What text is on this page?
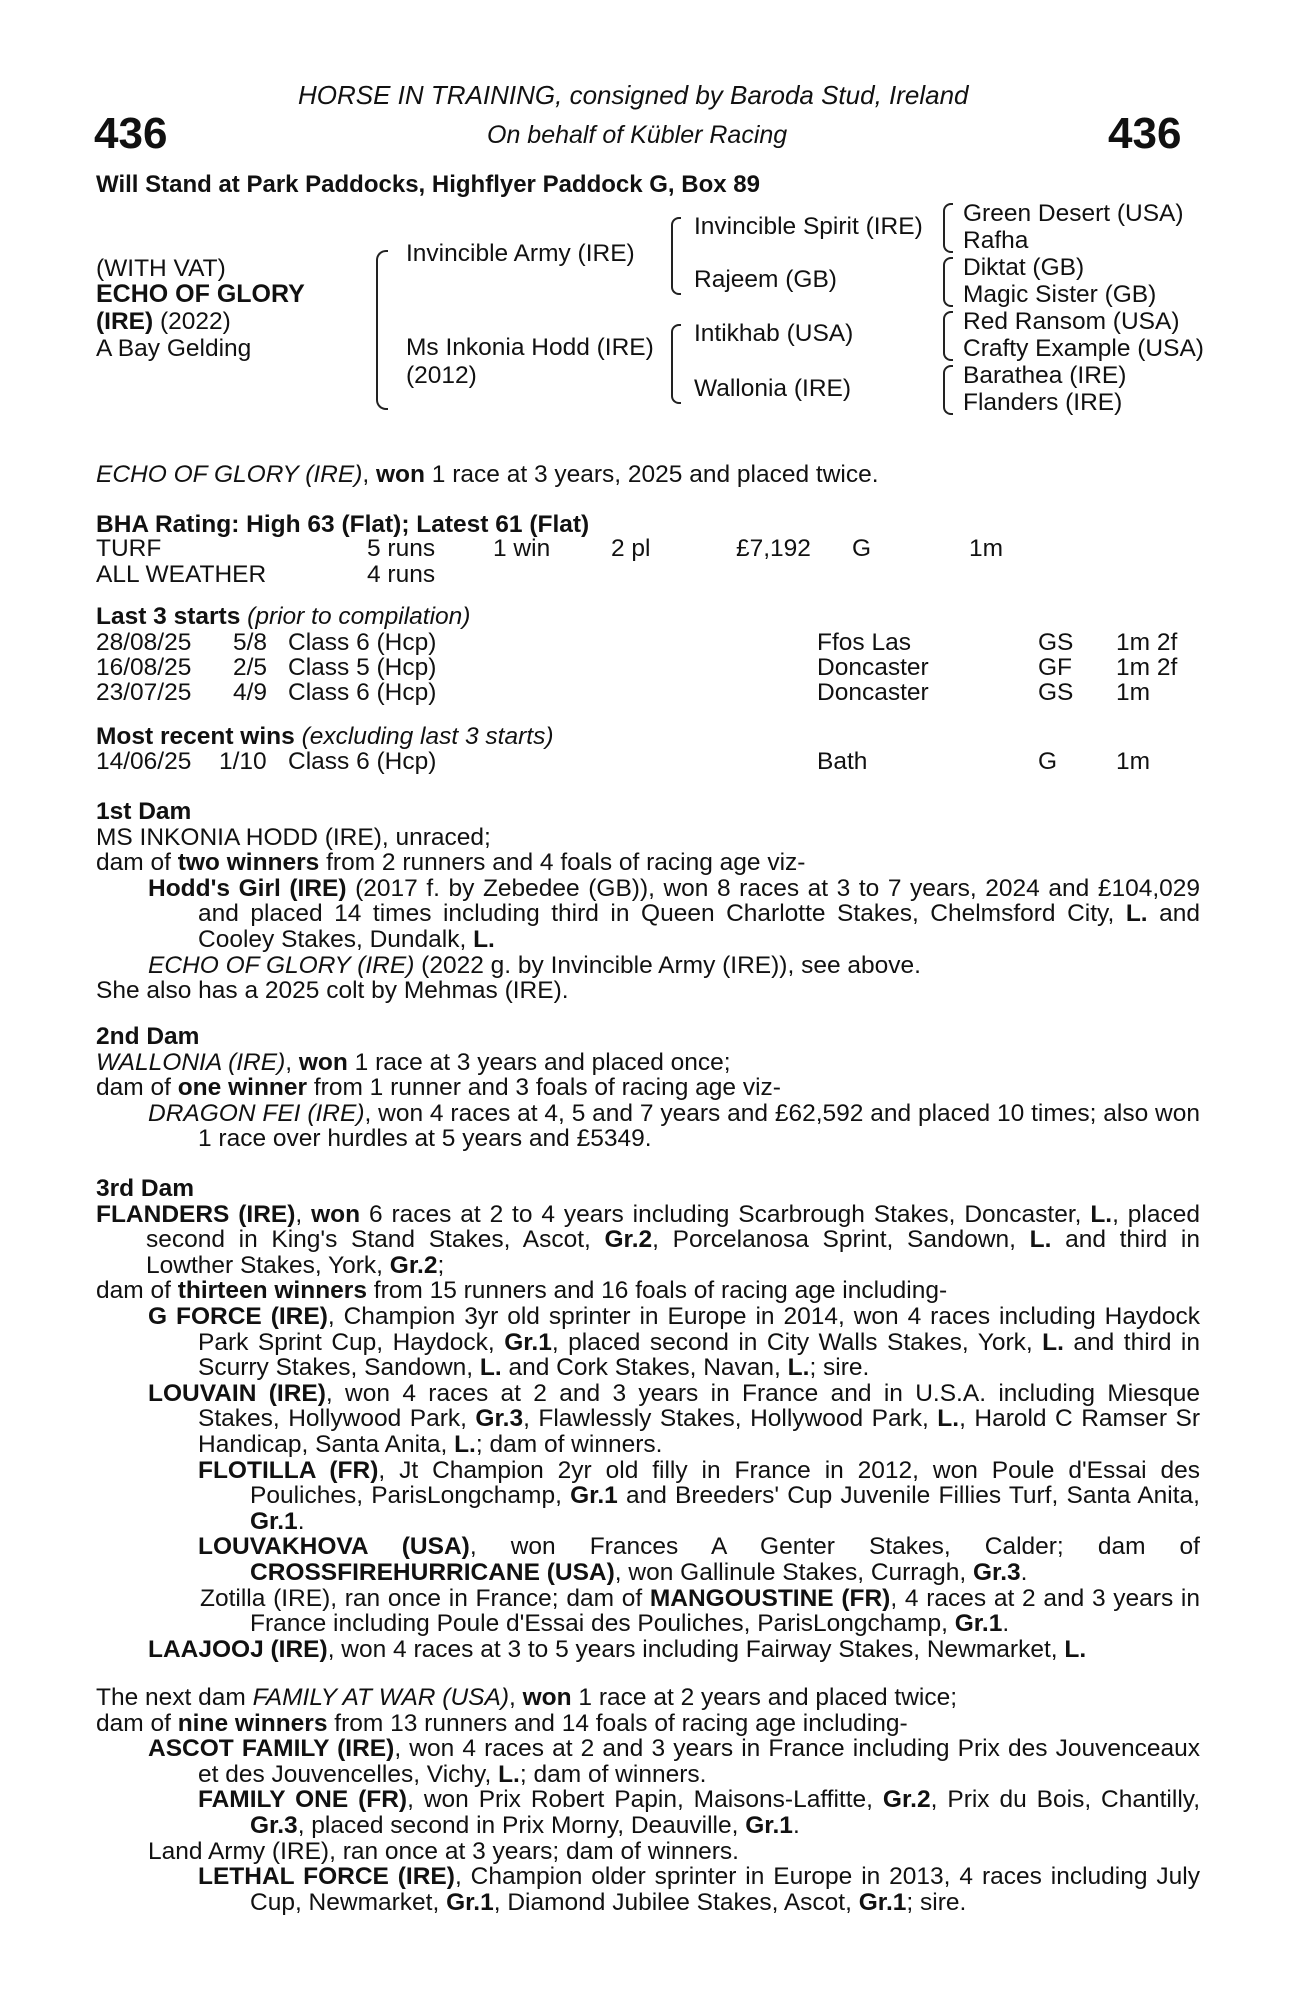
HORSE IN TRAINING, consigned by Baroda Stud, Ireland
On behalf of Kübler Racing
436	436
Will Stand at Park Paddocks, Highflyer Paddock G, Box 89
(WITH VAT)
ECHO OF GLORY
(IRE) (2022)
A Bay Gelding
Invincible Army (IRE)
Ms Inkonia Hodd (IRE)
(2012)
Invincible Spirit (IRE)
Rajeem (GB)
Intikhab (USA)
Wallonia (IRE)
Green Desert (USA)
Rafha
Diktat (GB)
Magic Sister (GB)
Red Ransom (USA)
Crafty Example (USA)
Barathea (IRE)
Flanders (IRE)
ECHO OF GLORY (IRE), won 1 race at 3 years, 2025 and placed twice.
BHA Rating: High 63 (Flat); Latest 61 (Flat)
TURF	5 runs 1 win 2 pl	£7,192 G	1m
ALL WEATHER	4 runs
Last 3 starts (prior to compilation)
28/08/25 5/8 Class 6 (Hcp)	Ffos Las	GS 1m 2f
16/08/25 2/5 Class 5 (Hcp)	Doncaster	GF 1m 2f
23/07/25 4/9 Class 6 (Hcp)	Doncaster	GS 1m
Most recent wins (excluding last 3 starts)
14/06/25 1/10 Class 6 (Hcp)	Bath	G 1m

1st Dam

MS INKONIA HODD (IRE), unraced;

dam of two winners from 2 runners and 4 foals of racing age viz-

Hodd's Girl (IRE) (2017 f. by Zebedee (GB)), won 8 races at 3 to 7 years, 2024 and £104,029 and placed 14 times including third in Queen Charlotte Stakes, Chelmsford City, L. and Cooley Stakes, Dundalk, L.

ECHO OF GLORY (IRE) (2022 g. by Invincible Army (IRE)), see above.

She also has a 2025 colt by Mehmas (IRE).

2nd Dam

WALLONIA (IRE), won 1 race at 3 years and placed once;

dam of one winner from 1 runner and 3 foals of racing age viz-

DRAGON FEI (IRE), won 4 races at 4, 5 and 7 years and £62,592 and placed 10 times; also won 1 race over hurdles at 5 years and £5349.

3rd Dam

FLANDERS (IRE), won 6 races at 2 to 4 years including Scarbrough Stakes, Doncaster, L., placed second in King's Stand Stakes, Ascot, Gr.2, Porcelanosa Sprint, Sandown, L. and third in Lowther Stakes, York, Gr.2;

dam of thirteen winners from 15 runners and 16 foals of racing age including-

G FORCE (IRE), Champion 3yr old sprinter in Europe in 2014, won 4 races including Haydock Park Sprint Cup, Haydock, Gr.1, placed second in City Walls Stakes, York, L. and third in Scurry Stakes, Sandown, L. and Cork Stakes, Navan, L.; sire.

LOUVAIN (IRE), won 4 races at 2 and 3 years in France and in U.S.A. including Miesque Stakes, Hollywood Park, Gr.3, Flawlessly Stakes, Hollywood Park, L., Harold C Ramser Sr Handicap, Santa Anita, L.; dam of winners.

FLOTILLA (FR), Jt Champion 2yr old filly in France in 2012, won Poule d'Essai des Pouliches, ParisLongchamp, Gr.1 and Breeders' Cup Juvenile Fillies Turf, Santa Anita, Gr.1.

LOUVAKHOVA (USA), won Frances A Genter Stakes, Calder; dam of CROSSFIREHURRICANE (USA), won Gallinule Stakes, Curragh, Gr.3.

Zotilla (IRE), ran once in France; dam of MANGOUSTINE (FR), 4 races at 2 and 3 years in France including Poule d'Essai des Pouliches, ParisLongchamp, Gr.1.

LAAJOOJ (IRE), won 4 races at 3 to 5 years including Fairway Stakes, Newmarket, L.

The next dam FAMILY AT WAR (USA), won 1 race at 2 years and placed twice;

dam of nine winners from 13 runners and 14 foals of racing age including-

ASCOT FAMILY (IRE), won 4 races at 2 and 3 years in France including Prix des Jouvenceaux et des Jouvencelles, Vichy, L.; dam of winners.

FAMILY ONE (FR), won Prix Robert Papin, Maisons-Laffitte, Gr.2, Prix du Bois, Chantilly, Gr.3, placed second in Prix Morny, Deauville, Gr.1.

Land Army (IRE), ran once at 3 years; dam of winners.

LETHAL FORCE (IRE), Champion older sprinter in Europe in 2013, 4 races including July Cup, Newmarket, Gr.1, Diamond Jubilee Stakes, Ascot, Gr.1; sire.
